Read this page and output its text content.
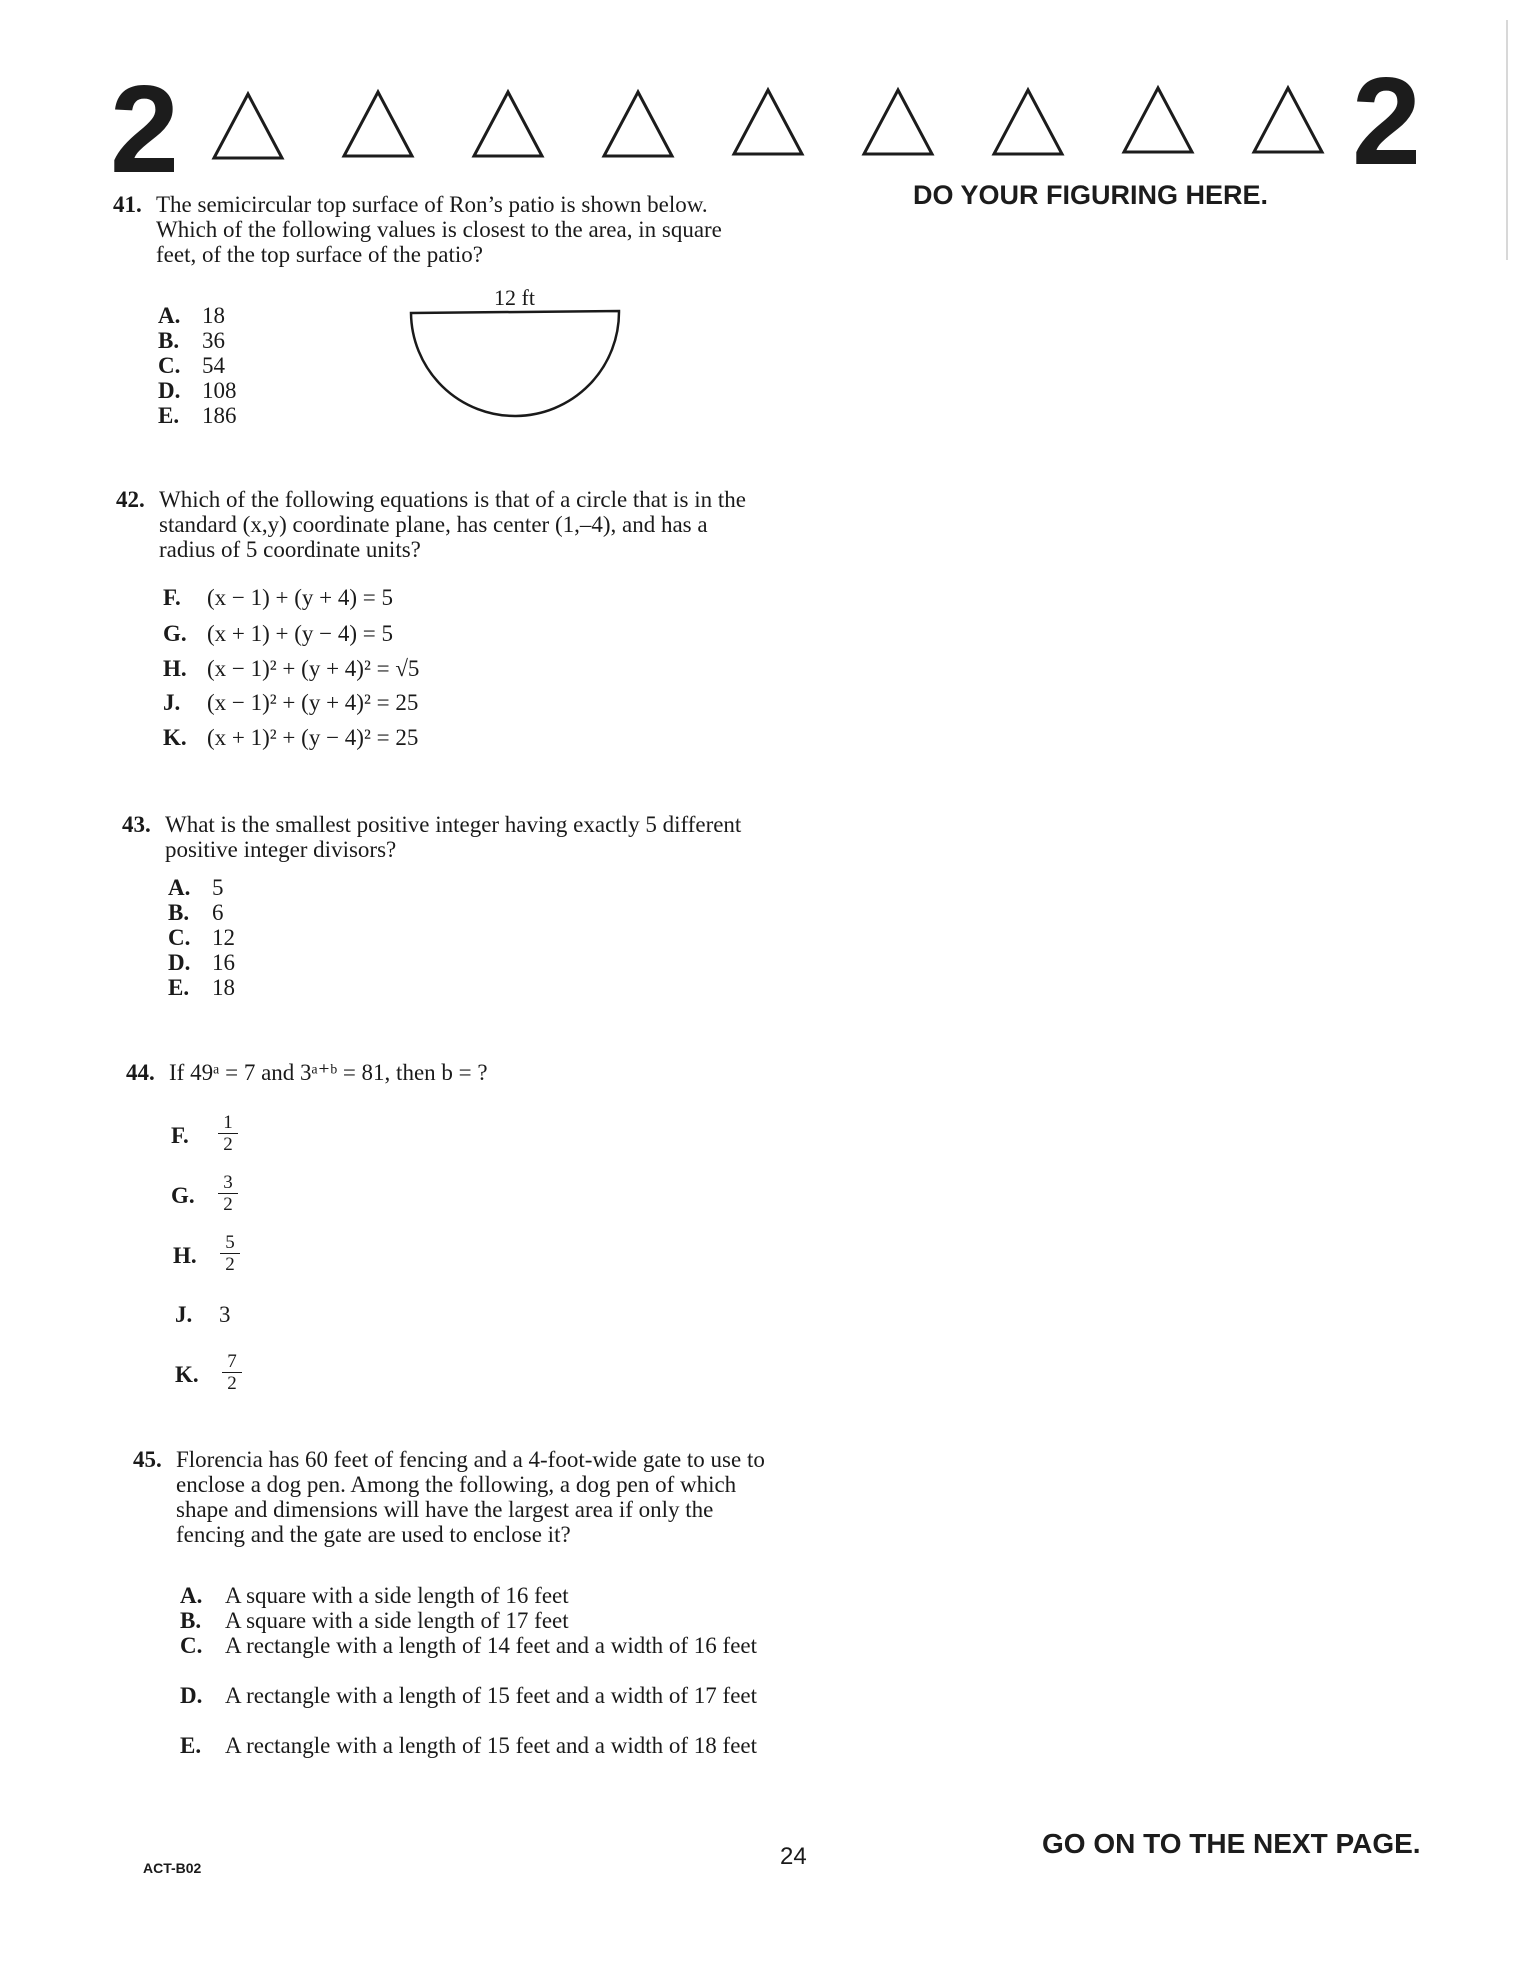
2	2
DO YOUR FIGURING HERE.
41. The semicircular top surface of Ron’s patio is shown below. Which of the following values is closest to the area, in square feet, of the top surface of the patio?
A. 18
B. 36
C. 54
D. 108
E. 186
12 ft
42. Which of the following equations is that of a circle that is in the standard (x,y) coordinate plane, has center (1,–4), and has a radius of 5 coordinate units?
F. (x − 1) + (y + 4) = 5
G. (x + 1) + (y − 4) = 5
H. (x − 1)² + (y + 4)² = √5
J. (x − 1)² + (y + 4)² = 25
K. (x + 1)² + (y − 4)² = 25
43. What is the smallest positive integer having exactly 5 different positive integer divisors?
A. 5
B. 6
C. 12
D. 16
E. 18
44. If 49ᵃ = 7 and 3ᵃ⁺ᵇ = 81, then b = ?
F.	$\frac{1}{2}$
G.	$\frac{3}{2}$
H.	$\frac{5}{2}$
J. 3
K.	$\frac{7}{2}$
45. Florencia has 60 feet of fencing and a 4-foot-wide gate to use to enclose a dog pen. Among the following, a dog pen of which shape and dimensions will have the largest area if only the fencing and the gate are used to enclose it?
A. A square with a side length of 16 feet
B. A square with a side length of 17 feet
C. A rectangle with a length of 14 feet and a width of 16 feet
D. A rectangle with a length of 15 feet and a width of 17 feet
E. A rectangle with a length of 15 feet and a width of 18 feet
ACT-B02	24	GO ON TO THE NEXT PAGE.
